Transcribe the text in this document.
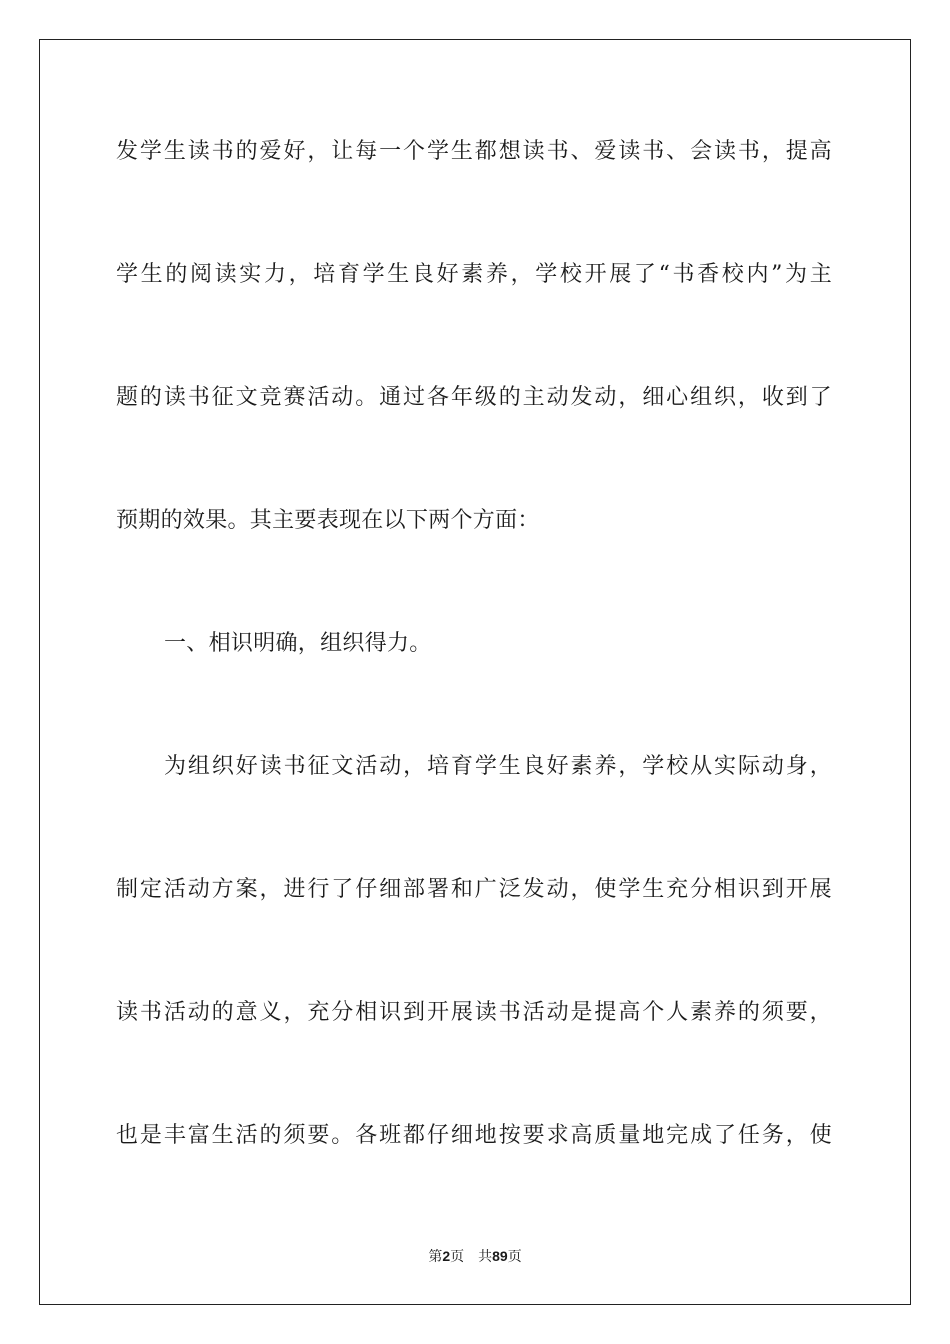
发学生读书的爱好，让每一个学生都想读书、爱读书、会读书，提高
学生的阅读实力，培育学生良好素养，学校开展了“书香校内”为主
题的读书征文竞赛活动。通过各年级的主动发动，细心组织，收到了
预期的效果。其主要表现在以下两个方面：
一、相识明确，组织得力。
为组织好读书征文活动，培育学生良好素养，学校从实际动身，
制定活动方案，进行了仔细部署和广泛发动，使学生充分相识到开展
读书活动的意义，充分相识到开展读书活动是提高个人素养的须要，
也是丰富生活的须要。各班都仔细地按要求高质量地完成了任务，使
第2页 共89页
